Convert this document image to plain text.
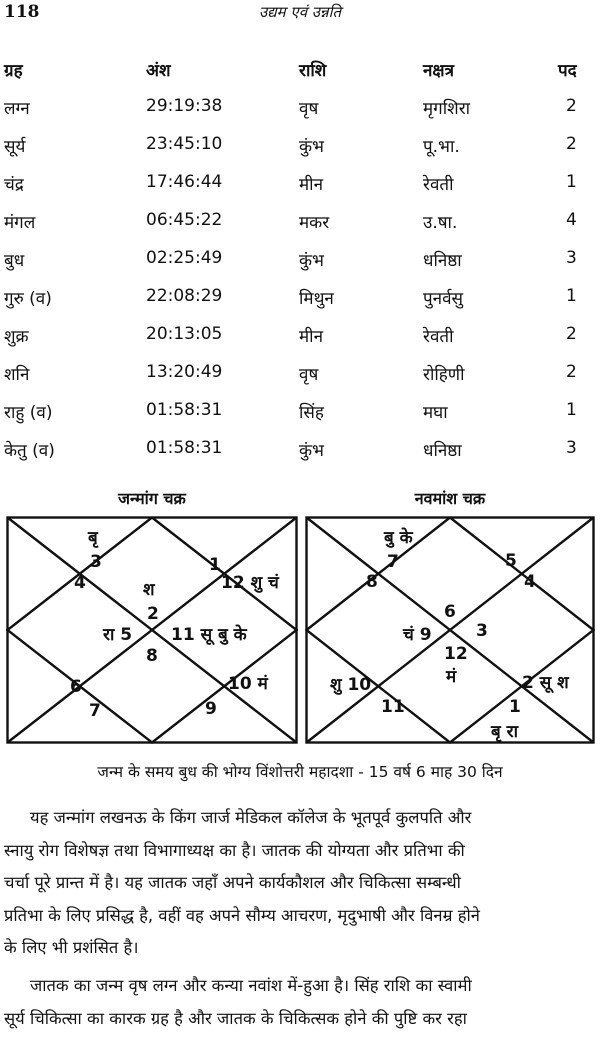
118	उद्यम एवं उन्नति
ग्रह	अंश	राशि	नक्षत्र	पद
लग्न	29:19:38	वृष	मृगशिरा	2
सूर्य	23:45:10	कुंभ	पू.भा.	2
चंद्र	17:46:44	मीन	रेवती	1
मंगल	06:45:22	मकर	उ.षा.	4
बुध	02:25:49	कुंभ	धनिष्ठा	3
गुरु (व)	22:08:29	मिथुन	पुनर्वसु	1
शुक्र	20:13:05	मीन	रेवती	2
शनि	13:20:49	वृष	रोहिणी	2
राहु (व)	01:58:31	सिंह	मघा	1
केतु (व)	01:58:31	कुंभ	धनिष्ठा	3
जन्मांग चक्र	नवमांश चक्र
बृ
3
4
1
12 शु चं
श
2
रा 5 11 सू बु के
8
6
7
10 मं
9
बु के
7
8
5
4
6
चं 9	3
12
मं
शु 10
11
2 सू श
1
बृ रा
जन्म के समय बुध की भोग्य विंशोत्तरी महादशा - 15 वर्ष 6 माह 30 दिन
यह जन्मांग लखनऊ के किंग जार्ज मेडिकल कॉलेज के भूतपूर्व कुलपति और
स्नायु रोग विशेषज्ञ तथा विभागाध्यक्ष का है। जातक की योग्यता और प्रतिभा की
चर्चा पूरे प्रान्त में है। यह जातक जहाँ अपने कार्यकौशल और चिकित्सा सम्बन्धी
प्रतिभा के लिए प्रसिद्ध है, वहीं वह अपने सौम्य आचरण, मृदुभाषी और विनम्र होने
के लिए भी प्रशंसित है।
जातक का जन्म वृष लग्न और कन्या नवांश में-हुआ है। सिंह राशि का स्वामी
सूर्य चिकित्सा का कारक ग्रह है और जातक के चिकित्सक होने की पुष्टि कर रहा
